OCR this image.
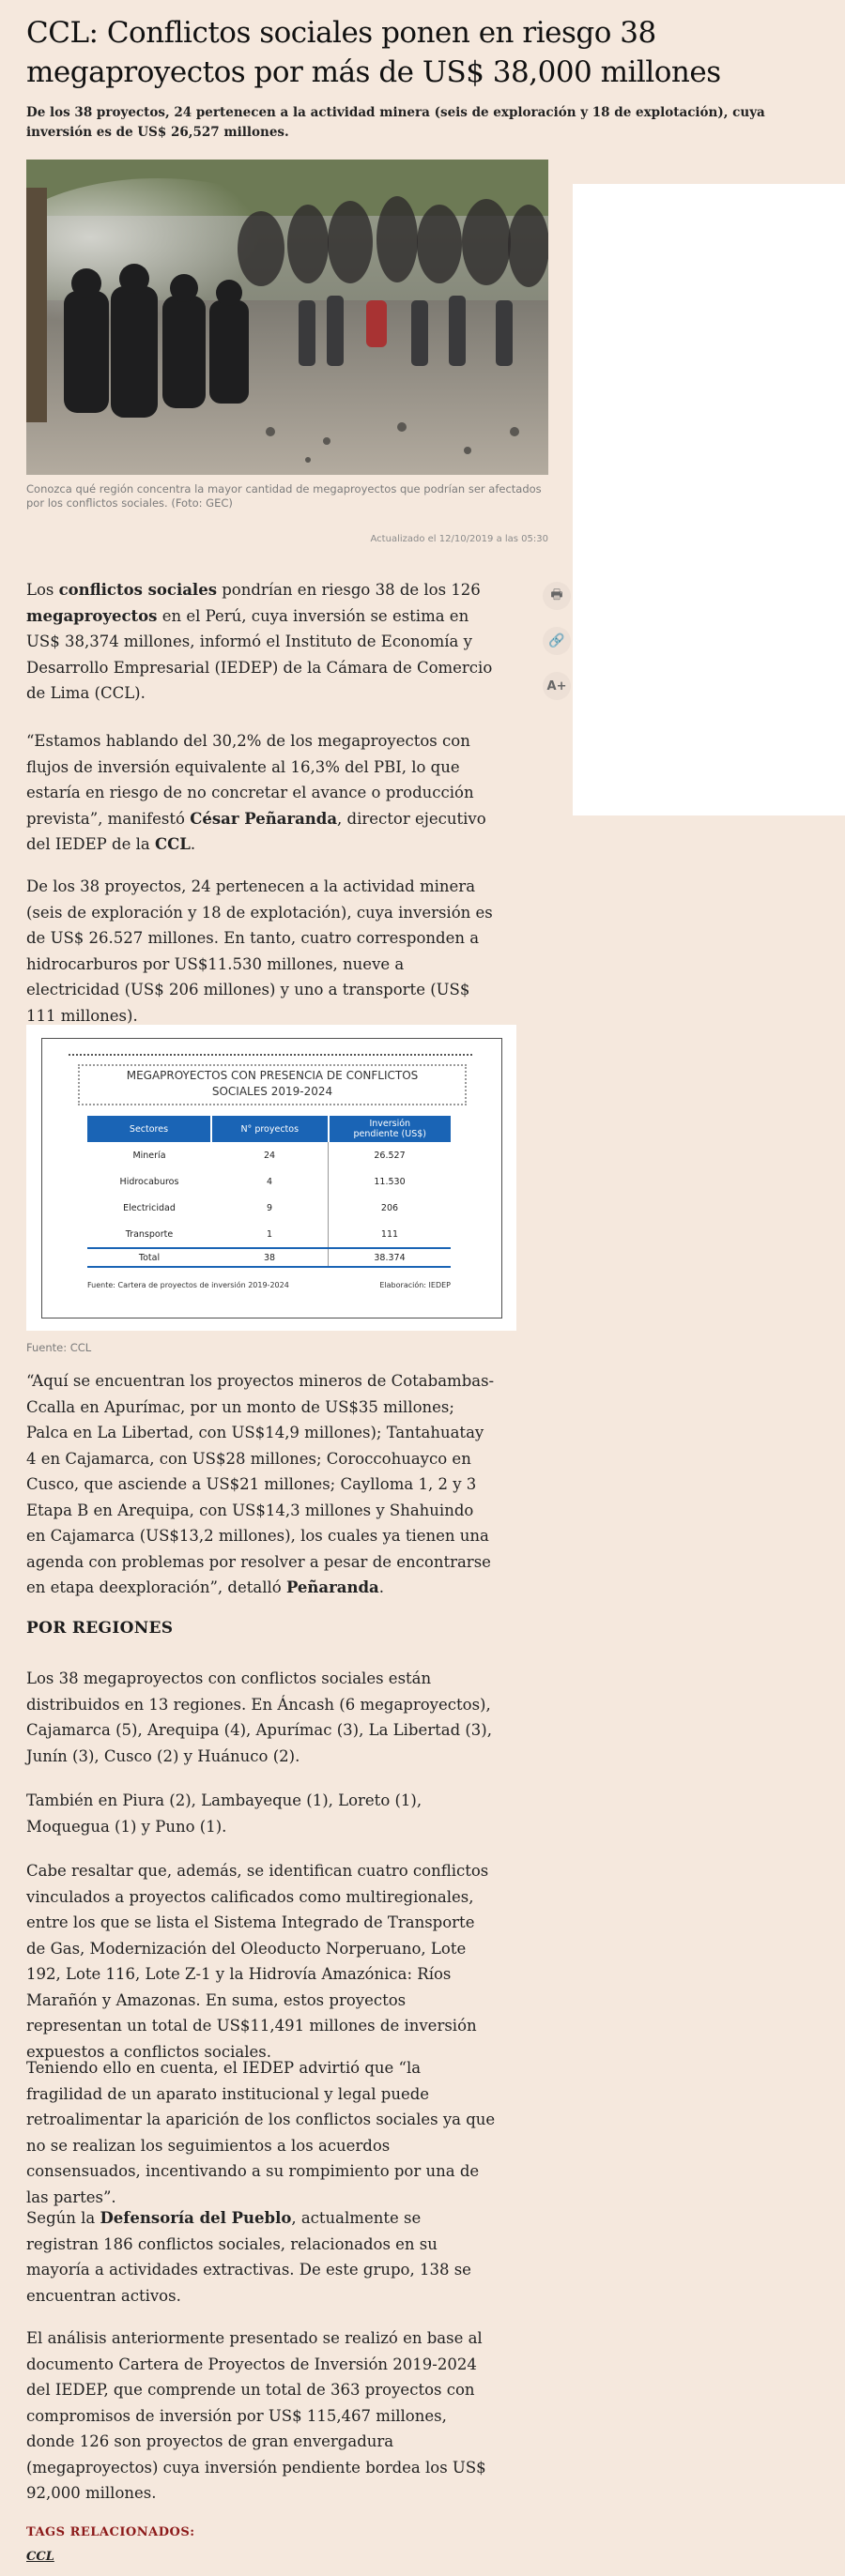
CCL: Conflictos sociales ponen en riesgo 38 megaproyectos por más de US$ 38,000 millones

De los 38 proyectos, 24 pertenecen a la actividad minera (seis de exploración y 18 de explotación), cuya inversión es de US$ 26,527 millones.

Conozca qué región concentra la mayor cantidad de megaproyectos que podrían ser afectados por los conflictos sociales. (Foto: GEC)
Actualizado el 12/10/2019 a las 05:30
🖶
🔗
A+

Los conflictos sociales pondrían en riesgo 38 de los 126 megaproyectos en el Perú, cuya inversión se estima en US$ 38,374 millones, informó el Instituto de Economía y Desarrollo Empresarial (IEDEP) de la Cámara de Comercio de Lima (CCL).

“Estamos hablando del 30,2% de los megaproyectos con flujos de inversión equivalente al 16,3% del PBI, lo que estaría en riesgo de no concretar el avance o producción prevista”, manifestó César Peñaranda, director ejecutivo del IEDEP de la CCL.

De los 38 proyectos, 24 pertenecen a la actividad minera (seis de exploración y 18 de explotación), cuya inversión es de US$ 26.527 millones. En tanto, cuatro corresponden a hidrocarburos por US$11.530 millones, nueve a electricidad (US$ 206 millones) y uno a transporte (US$ 111 millones).

MEGAPROYECTOS CON PRESENCIA DE CONFLICTOS SOCIALES 2019-2024
Sectores	N° proyectos	Inversión pendiente (US$)
Minería	24	26.527
Hidrocaburos	4	11.530
Electricidad	9	206
Transporte	1	111
Total	38	38.374
Fuente: Cartera de proyectos de inversión 2019-2024	Elaboración: IEDEP
Fuente: CCL

“Aquí se encuentran los proyectos mineros de Cotabambas-Ccalla en Apurímac, por un monto de US$35 millones; Palca en La Libertad, con US$14,9 millones); Tantahuatay 4 en Cajamarca, con US$28 millones; Coroccohuayco en Cusco, que asciende a US$21 millones; Caylloma 1, 2 y 3 Etapa B en Arequipa, con US$14,3 millones y Shahuindo en Cajamarca (US$13,2 millones), los cuales ya tienen una agenda con problemas por resolver a pesar de encontrarse en etapa deexploración”, detalló Peñaranda.

POR REGIONES

Los 38 megaproyectos con conflictos sociales están distribuidos en 13 regiones. En Áncash (6 megaproyectos), Cajamarca (5), Arequipa (4), Apurímac (3), La Libertad (3), Junín (3), Cusco (2) y Huánuco (2).

También en Piura (2), Lambayeque (1), Loreto (1), Moquegua (1) y Puno (1).

Cabe resaltar que, además, se identifican cuatro conflictos vinculados a proyectos calificados como multiregionales, entre los que se lista el Sistema Integrado de Transporte de Gas, Modernización del Oleoducto Norperuano, Lote 192, Lote 116, Lote Z-1 y la Hidrovía Amazónica: Ríos Marañón y Amazonas. En suma, estos proyectos representan un total de US$11,491 millones de inversión expuestos a conflictos sociales.

Teniendo ello en cuenta, el IEDEP advirtió que “la fragilidad de un aparato institucional y legal puede retroalimentar la aparición de los conflictos sociales ya que no se realizan los seguimientos a los acuerdos consensuados, incentivando a su rompimiento por una de las partes”.

Según la Defensoría del Pueblo, actualmente se registran 186 conflictos sociales, relacionados en su mayoría a actividades extractivas. De este grupo, 138 se encuentran activos.

El análisis anteriormente presentado se realizó en base al documento Cartera de Proyectos de Inversión 2019-2024 del IEDEP, que comprende un total de 363 proyectos con compromisos de inversión por US$ 115,467 millones, donde 126 son proyectos de gran envergadura (megaproyectos) cuya inversión pendiente bordea los US$ 92,000 millones.

TAGS RELACIONADOS:
CCL
